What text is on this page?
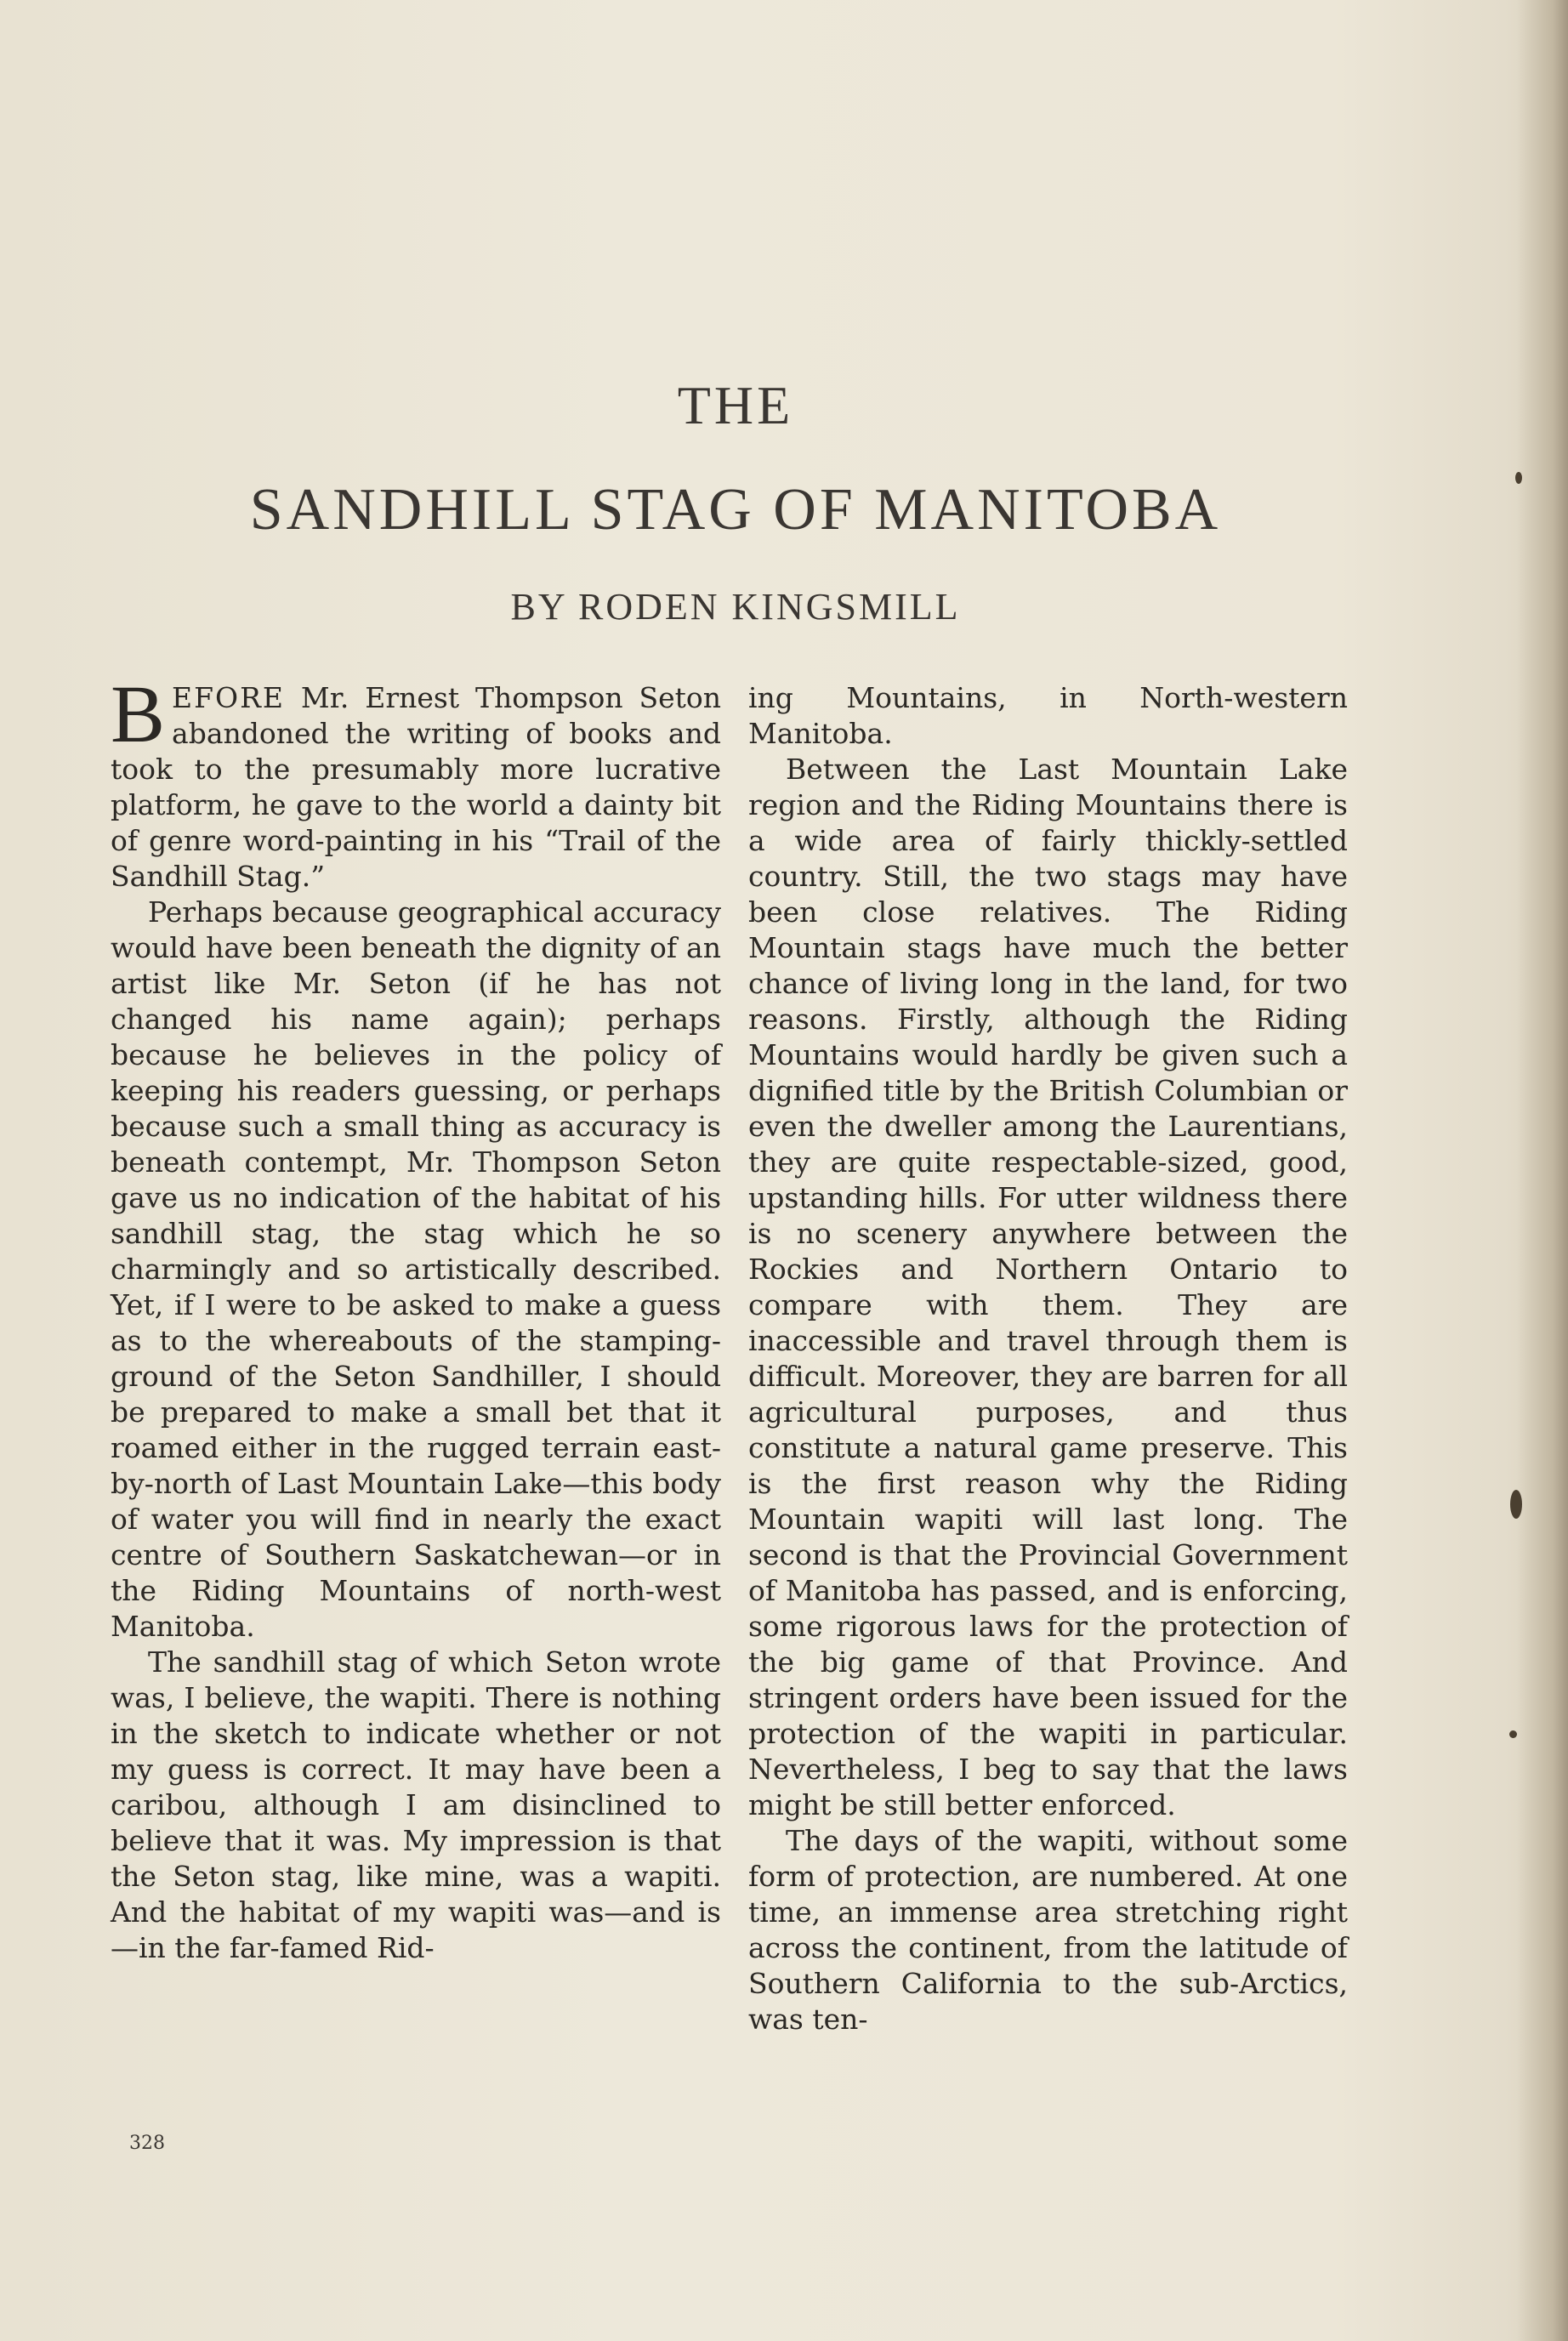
THE
SANDHILL STAG OF MANITOBA
BY RODEN KINGSMILL

BEFORE Mr. Ernest Thompson Seton abandoned the writing of books and took to the presumably more lucrative platform, he gave to the world a dainty bit of genre word-painting in his “Trail of the Sandhill Stag.”

Perhaps because geographical accuracy would have been beneath the dignity of an artist like Mr. Seton (if he has not changed his name again); perhaps because he believes in the policy of keeping his readers guessing, or perhaps because such a small thing as accuracy is beneath contempt, Mr. Thompson Seton gave us no indication of the habitat of his sandhill stag, the stag which he so charmingly and so artistically described. Yet, if I were to be asked to make a guess as to the whereabouts of the stamping-ground of the Seton Sandhiller, I should be prepared to make a small bet that it roamed either in the rugged terrain east-by-north of Last Mountain Lake—this body of water you will find in nearly the exact centre of Southern Saskatchewan—or in the Riding Mountains of north-west Manitoba.

The sandhill stag of which Seton wrote was, I believe, the wapiti. There is nothing in the sketch to indicate whether or not my guess is correct. It may have been a caribou, although I am disinclined to believe that it was. My impression is that the Seton stag, like mine, was a wapiti. And the habitat of my wapiti was—and is—in the far-famed Rid-

ing Mountains, in North-western Manitoba.

Between the Last Mountain Lake region and the Riding Mountains there is a wide area of fairly thickly-settled country. Still, the two stags may have been close relatives. The Riding Mountain stags have much the better chance of living long in the land, for two reasons. Firstly, although the Riding Mountains would hardly be given such a dignified title by the British Columbian or even the dweller among the Laurentians, they are quite respectable-sized, good, upstanding hills. For utter wildness there is no scenery anywhere between the Rockies and Northern Ontario to compare with them. They are inaccessible and travel through them is difficult. Moreover, they are barren for all agricultural purposes, and thus constitute a natural game preserve. This is the first reason why the Riding Mountain wapiti will last long. The second is that the Provincial Government of Manitoba has passed, and is enforcing, some rigorous laws for the protection of the big game of that Province. And stringent orders have been issued for the protection of the wapiti in particular. Nevertheless, I beg to say that the laws might be still better enforced.

The days of the wapiti, without some form of protection, are numbered. At one time, an immense area stretching right across the continent, from the latitude of Southern California to the sub-Arctics, was ten-

328
